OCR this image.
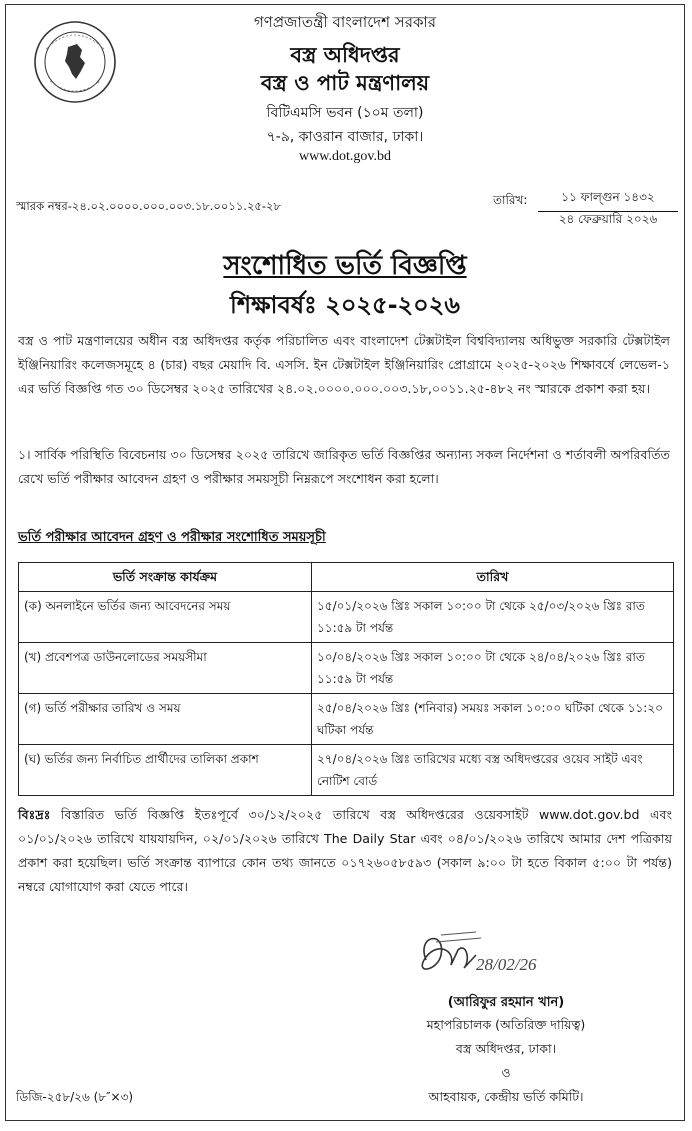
গণপ্রজাতন্ত্রী বাংলাদেশ সরকার
বস্ত্র অধিদপ্তর
বস্ত্র ও পাট মন্ত্রণালয়
বিটিএমসি ভবন (১০ম তলা)
৭-৯, কাওরান বাজার, ঢাকা।
www.dot.gov.bd
স্মারক নম্বর-২৪.০২.০০০০.০০০.০০৩.১৮.০০১১.২৫-২৮	তারিখ:	১১ ফাল্গুন ১৪৩২
২৪ ফেব্রুয়ারি ২০২৬
সংশোধিত ভর্তি বিজ্ঞপ্তি
শিক্ষাবর্ষঃ ২০২৫-২০২৬
বস্ত্র ও পাট মন্ত্রণালয়ের অধীন বস্ত্র অধিদপ্তর কর্তৃক পরিচালিত এবং বাংলাদেশ টেক্সটাইল বিশ্ববিদ্যালয় অধিভুক্ত সরকারি টেক্সটাইল ইঞ্জিনিয়ারিং কলেজসমূহে ৪ (চার) বছর মেয়াদি বি. এসসি. ইন টেক্সটাইল ইঞ্জিনিয়ারিং প্রোগ্রামে ২০২৫-২০২৬ শিক্ষাবর্ষে লেভেল-১ এর ভর্তি বিজ্ঞপ্তি গত ৩০ ডিসেম্বর ২০২৫ তারিখের ২৪.০২.০০০০.০০০.০০৩.১৮,০০১১.২৫-৪৮২ নং স্মারকে প্রকাশ করা হয়।
১। সার্বিক পরিস্থিতি বিবেচনায় ৩০ ডিসেম্বর ২০২৫ তারিখে জারিকৃত ভর্তি বিজ্ঞপ্তির অন্যান্য সকল নির্দেশনা ও শর্তাবলী অপরিবর্তিত রেখে ভর্তি পরীক্ষার আবেদন গ্রহণ ও পরীক্ষার সময়সূচী নিম্নরূপে সংশোধন করা হলো।
ভর্তি পরীক্ষার আবেদন গ্রহণ ও পরীক্ষার সংশোধিত সময়সূচী
ভর্তি সংক্রান্ত কার্যক্রম	তারিখ
(ক) অনলাইনে ভর্তির জন্য আবেদনের সময়	১৫/০১/২০২৬ খ্রিঃ সকাল ১০:০০ টা থেকে ২৫/০৩/২০২৬ খ্রিঃ রাত ১১:৫৯ টা পর্যন্ত
(খ) প্রবেশপত্র ডাউনলোডের সময়সীমা	১০/০৪/২০২৬ খ্রিঃ সকাল ১০:০০ টা থেকে ২৪/০৪/২০২৬ খ্রিঃ রাত ১১:৫৯ টা পর্যন্ত
(গ) ভর্তি পরীক্ষার তারিখ ও সময়	২৫/০৪/২০২৬ খ্রিঃ (শনিবার) সময়ঃ সকাল ১০:০০ ঘটিকা থেকে ১১:২০ ঘটিকা পর্যন্ত
(ঘ) ভর্তির জন্য নির্বাচিত প্রার্থীদের তালিকা প্রকাশ	২৭/০৪/২০২৬ খ্রিঃ তারিখের মধ্যে বস্ত্র অধিদপ্তরের ওয়েব সাইট এবং নোটিশ বোর্ড
বিঃদ্রঃ বিস্তারিত ভর্তি বিজ্ঞপ্তি ইতঃপূর্বে ৩০/১২/২০২৫ তারিখে বস্ত্র অধিদপ্তরের ওয়েবসাইট www.dot.gov.bd এবং ০১/০১/২০২৬ তারিখে যায়যায়দিন, ০২/০১/২০২৬ তারিখে The Daily Star এবং ০৪/০১/২০২৬ তারিখে আমার দেশ পত্রিকায় প্রকাশ করা হয়েছিল। ভর্তি সংক্রান্ত ব্যাপারে কোন তথ্য জানতে ০১৭২৬০৫৮৫৯৩ (সকাল ৯:০০ টা হতে বিকাল ৫:০০ টা পর্যন্ত) নম্বরে যোগাযোগ করা যেতে পারে।
28/02/26
(আরিফুর রহমান খান)
মহাপরিচালক (অতিরিক্ত দায়িত্ব)
বস্ত্র অধিদপ্তর, ঢাকা।
ও
আহবায়ক, কেন্দ্রীয় ভর্তি কমিটি।
ডিজি-২৫৮/২৬ (৮″×৩)
